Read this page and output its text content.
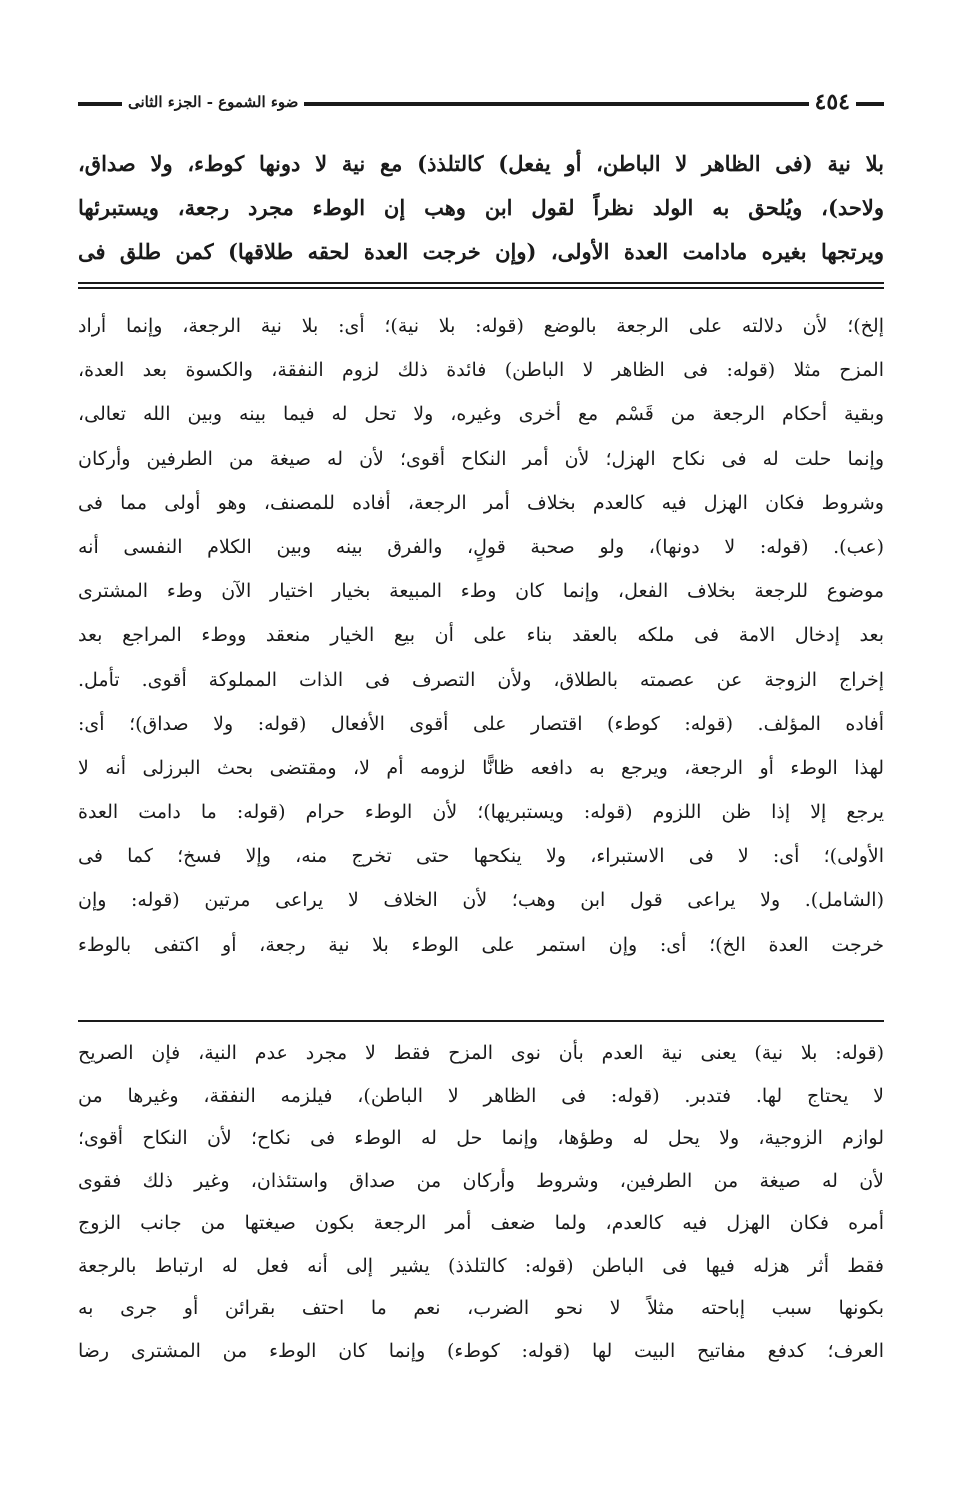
٤٥٤
ضوء الشموع - الجزء الثانى
بلا نية (فى الظاهر لا الباطن، أو يفعل) كالتلذذ) مع نية لا دونها كوطء، ولا صداق،
ولاحد)، ويُلحق به الولد نظراً لقول ابن وهب إن الوطء مجرد رجعة، ويستبرئها
ويرتجها بغيره مادامت العدة الأولى، (وإن خرجت العدة لحقه طلاقها) كمن طلق فى
إلخ)؛ لأن دلالته على الرجعة بالوضع (قوله: بلا نية)؛ أى: بلا نية الرجعة، وإنما أراد
المزح مثلا (قوله: فى الظاهر لا الباطن) فائدة ذلك لزوم النفقة، والكسوة بعد العدة،
وبقية أحكام الرجعة من قَسْم مع أخرى وغيره، ولا تحل له فيما بينه وبين الله تعالى،
وإنما حلت له فى نكاح الهزل؛ لأن أمر النكاح أقوى؛ لأن له صيغة من الطرفين وأركان
وشروط فكان الهزل فيه كالعدم بخلاف أمر الرجعة، أفاده للمصنف، وهو أولى مما فى
(عب). (قوله: لا دونها)، ولو صحبة قولٍ، والفرق بينه وبين الكلام النفسى أنه
موضوع للرجعة بخلاف الفعل، وإنما كان وطء المبيعة بخيار اختيار الآن وطء المشترى
بعد إدخال الامة فى ملكه بالعقد بناء على أن بيع الخيار منعقد ووطء المراجع بعد
إخراج الزوجة عن عصمته بالطلاق، ولأن التصرف فى الذات المملوكة أقوى. تأمل.
أفاده المؤلف. (قوله: كوطء) اقتصار على أقوى الأفعال (قوله: ولا صداق)؛ أى:
لهذا الوطء أو الرجعة، ويرجع به دافعه ظانًّا لزومه أم لا، ومقتضى بحث البرزلى أنه لا
يرجع إلا إذا ظن اللزوم (قوله: ويستبريها)؛ لأن الوطء حرام (قوله: ما دامت العدة
الأولى)؛ أى: لا فى الاستبراء، ولا ينكحها حتى تخرج منه، وإلا فسخ؛ كما فى
(الشامل). ولا يراعى قول ابن وهب؛ لأن الخلاف لا يراعى مرتين (قوله: وإن
خرجت العدة الخ)؛ أى: وإن استمر على الوطء بلا نية رجعة، أو اكتفى بالوطء
(قوله: بلا نية) يعنى نية العدم بأن نوى المزح فقط لا مجرد عدم النية، فإن الصريح
لا يحتاج لها. فتدبر. (قوله: فى الظاهر لا الباطن)، فيلزمه النفقة، وغيرها من
لوازم الزوجية، ولا يحل له وطؤها، وإنما حل له الوطء فى نكاح؛ لأن النكاح أقوى؛
لأن له صيغة من الطرفين، وشروط وأركان من صداق واستئذان، وغير ذلك فقوى
أمره فكان الهزل فيه كالعدم، ولما ضعف أمر الرجعة بكون صيغتها من جانب الزوج
فقط أثر هزله فيها فى الباطن (قوله: كالتلذذ) يشير إلى أنه فعل له ارتباط بالرجعة
بكونها سبب إباحته مثلاً لا نحو الضرب، نعم ما احتف بقرائن أو جرى به
العرف؛ كدفع مفاتيح البيت لها (قوله: كوطء) وإنما كان الوطء من المشترى رضا
